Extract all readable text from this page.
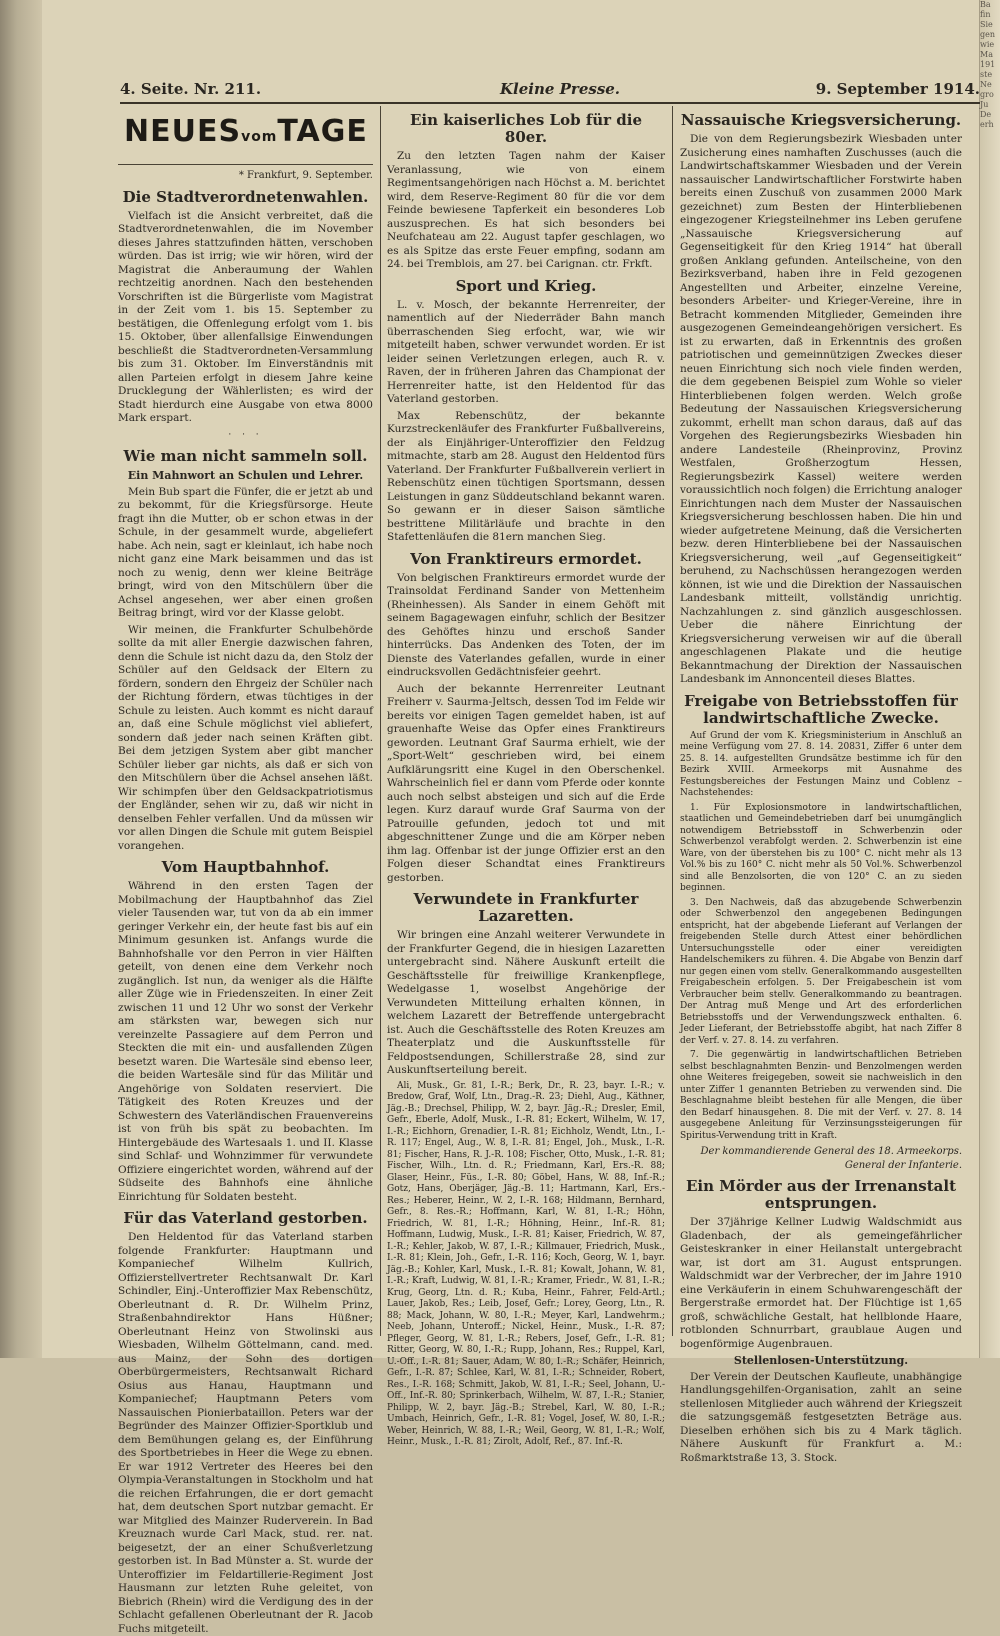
Ba fin Sie gen wie Ma 191 ste Ne gro Ju De erh
4. Seite. Nr. 211.	Kleine Presse.	9. September 1914.
NEUESvomTAGE
* Frankfurt, 9. September.
Die Stadtverordnetenwahlen.

Vielfach ist die Ansicht verbreitet, daß die Stadtverordnetenwahlen, die im November dieses Jahres stattzufinden hätten, verschoben würden. Das ist irrig; wie wir hören, wird der Magistrat die Anberaumung der Wahlen rechtzeitig anordnen. Nach den bestehenden Vorschriften ist die Bürgerliste vom Magistrat in der Zeit vom 1. bis 15. September zu bestätigen, die Offenlegung erfolgt vom 1. bis 15. Oktober, über allenfallsige Einwendungen beschließt die Stadtverordneten-Versammlung bis zum 31. Oktober. Im Einverständnis mit allen Parteien erfolgt in diesem Jahre keine Drucklegung der Wählerlisten; es wird der Stadt hierdurch eine Ausgabe von etwa 8000 Mark erspart.

· · ·
Wie man nicht sammeln soll.
Ein Mahnwort an Schulen und Lehrer.

Mein Bub spart die Fünfer, die er jetzt ab und zu bekommt, für die Kriegsfürsorge. Heute fragt ihn die Mutter, ob er schon etwas in der Schule, in der gesammelt wurde, abgeliefert habe. Ach nein, sagt er kleinlaut, ich habe noch nicht ganz eine Mark beisammen und das ist noch zu wenig, denn wer kleine Beiträge bringt, wird von den Mitschülern über die Achsel angesehen, wer aber einen großen Beitrag bringt, wird vor der Klasse gelobt.

Wir meinen, die Frankfurter Schulbehörde sollte da mit aller Energie dazwischen fahren, denn die Schule ist nicht dazu da, den Stolz der Schüler auf den Geldsack der Eltern zu fördern, sondern den Ehrgeiz der Schüler nach der Richtung fördern, etwas tüchtiges in der Schule zu leisten. Auch kommt es nicht darauf an, daß eine Schule möglichst viel abliefert, sondern daß jeder nach seinen Kräften gibt. Bei dem jetzigen System aber gibt mancher Schüler lieber gar nichts, als daß er sich von den Mitschülern über die Achsel ansehen läßt. Wir schimpfen über den Geldsackpatriotismus der Engländer, sehen wir zu, daß wir nicht in denselben Fehler verfallen. Und da müssen wir vor allen Dingen die Schule mit gutem Beispiel vorangehen.

Vom Hauptbahnhof.

Während in den ersten Tagen der Mobilmachung der Hauptbahnhof das Ziel vieler Tausenden war, tut von da ab ein immer geringer Verkehr ein, der heute fast bis auf ein Minimum gesunken ist. Anfangs wurde die Bahnhofshalle vor den Perron in vier Hälften geteilt, von denen eine dem Verkehr noch zugänglich. Ist nun, da weniger als die Hälfte aller Züge wie in Friedenszeiten. In einer Zeit zwischen 11 und 12 Uhr wo sonst der Verkehr am stärksten war, bewegen sich nur vereinzelte Passagiere auf dem Perron und Steckten die mit ein- und ausfallenden Zügen besetzt waren. Die Wartesäle sind ebenso leer, die beiden Wartesäle sind für das Militär und Angehörige von Soldaten reserviert. Die Tätigkeit des Roten Kreuzes und der Schwestern des Vaterländischen Frauenvereins ist von früh bis spät zu beobachten. Im Hintergebäude des Wartesaals 1. und II. Klasse sind Schlaf- und Wohnzimmer für verwundete Offiziere eingerichtet worden, während auf der Südseite des Bahnhofs eine ähnliche Einrichtung für Soldaten besteht.

Für das Vaterland gestorben.

Den Heldentod für das Vaterland starben folgende Frankfurter: Hauptmann und Kompaniechef Wilhelm Kullrich, Offizierstellvertreter Rechtsanwalt Dr. Karl Schindler, Einj.-Unteroffizier Max Rebenschütz, Oberleutnant d. R. Dr. Wilhelm Prinz, Straßenbahndirektor Hans Hüßner; Oberleutnant Heinz von Stwolinski aus Wiesbaden, Wilhelm Göttelmann, cand. med. aus Mainz, der Sohn des dortigen Oberbürgermeisters, Rechtsanwalt Richard Osius aus Hanau, Hauptmann und Kompaniechef; Hauptmann Peters vom Nassauischen Pionierbataillon. Peters war der Begründer des Mainzer Offizier-Sportklub und dem Bemühungen gelang es, der Einführung des Sportbetriebes in Heer die Wege zu ebnen. Er war 1912 Vertreter des Heeres bei den Olympia-Veranstaltungen in Stockholm und hat die reichen Erfahrungen, die er dort gemacht hat, dem deutschen Sport nutzbar gemacht. Er war Mitglied des Mainzer Ruderverein. In Bad Kreuznach wurde Carl Mack, stud. rer. nat. beigesetzt, der an einer Schußverletzung gestorben ist. In Bad Münster a. St. wurde der Unteroffizier im Feldartillerie-Regiment Jost Hausmann zur letzten Ruhe geleitet, von Biebrich (Rhein) wird die Verdigung des in der Schlacht gefallenen Oberleutnant der R. Jacob Fuchs mitgeteilt.

Ein kaiserliches Lob für die 80er.

Zu den letzten Tagen nahm der Kaiser Veranlassung, wie von einem Regimentsangehörigen nach Höchst a. M. berichtet wird, dem Reserve-Regiment 80 für die vor dem Feinde bewiesene Tapferkeit ein besonderes Lob auszusprechen. Es hat sich besonders bei Neufchateau am 22. August tapfer geschlagen, wo es als Spitze das erste Feuer empfing, sodann am 24. bei Tremblois, am 27. bei Carignan. ctr. Frkft.

Sport und Krieg.

L. v. Mosch, der bekannte Herrenreiter, der namentlich auf der Niederräder Bahn manch überraschenden Sieg erfocht, war, wie wir mitgeteilt haben, schwer verwundet worden. Er ist leider seinen Verletzungen erlegen, auch R. v. Raven, der in früheren Jahren das Championat der Herrenreiter hatte, ist den Heldentod für das Vaterland gestorben.

Max Rebenschütz, der bekannte Kurzstreckenläufer des Frankfurter Fußballvereins, der als Einjähriger-Unteroffizier den Feldzug mitmachte, starb am 28. August den Heldentod fürs Vaterland. Der Frankfurter Fußballverein verliert in Rebenschütz einen tüchtigen Sportsmann, dessen Leistungen in ganz Süddeutschland bekannt waren. So gewann er in dieser Saison sämtliche bestrittene Militärläufe und brachte in den Stafettenläufen die 81ern manchen Sieg.

Von Franktireurs ermordet.

Von belgischen Franktireurs ermordet wurde der Trainsoldat Ferdinand Sander von Mettenheim (Rheinhessen). Als Sander in einem Gehöft mit seinem Bagagewagen einfuhr, schlich der Besitzer des Gehöftes hinzu und erschoß Sander hinterrücks. Das Andenken des Toten, der im Dienste des Vaterlandes gefallen, wurde in einer eindrucksvollen Gedächtnisfeier geehrt.

Auch der bekannte Herrenreiter Leutnant Freiherr v. Saurma-Jeltsch, dessen Tod im Felde wir bereits vor einigen Tagen gemeldet haben, ist auf grauenhafte Weise das Opfer eines Franktireurs geworden. Leutnant Graf Saurma erhielt, wie der „Sport-Welt“ geschrieben wird, bei einem Aufklärungsritt eine Kugel in den Oberschenkel. Wahrscheinlich fiel er dann vom Pferde oder konnte auch noch selbst absteigen und sich auf die Erde legen. Kurz darauf wurde Graf Saurma von der Patrouille gefunden, jedoch tot und mit abgeschnittener Zunge und die am Körper neben ihm lag. Offenbar ist der junge Offizier erst an den Folgen dieser Schandtat eines Franktireurs gestorben.

Verwundete in Frankfurter Lazaretten.

Wir bringen eine Anzahl weiterer Verwundete in der Frankfurter Gegend, die in hiesigen Lazaretten untergebracht sind. Nähere Auskunft erteilt die Geschäftsstelle für freiwillige Krankenpflege, Wedelgasse 1, woselbst Angehörige der Verwundeten Mitteilung erhalten können, in welchem Lazarett der Betreffende untergebracht ist. Auch die Geschäftsstelle des Roten Kreuzes am Theaterplatz und die Auskunftsstelle für Feldpostsendungen, Schillerstraße 28, sind zur Auskunftserteilung bereit.

Ali, Musk., Gr. 81, I.-R.; Berk, Dr., R. 23, bayr. I.-R.; v. Bredow, Graf, Wolf, Ltn., Drag.-R. 23; Diehl, Aug., Käthner, Jäg.-B.; Drechsel, Philipp, W. 2, bayr. Jäg.-R.; Dresler, Emil, Gefr., Eberle, Adolf, Musk., I.-R. 81; Eckert, Wilhelm, W. 17, I.-R.; Eichhorn, Grenadier, I.-R. 81; Eichholz, Wendt, Ltn., I.-R. 117; Engel, Aug., W. 8, I.-R. 81; Engel, Joh., Musk., I.-R. 81; Fischer, Hans, R. J.-R. 108; Fischer, Otto, Musk., I.-R. 81; Fischer, Wilh., Ltn. d. R.; Friedmann, Karl, Ers.-R. 88; Glaser, Heinr., Füs., I.-R. 80; Göbel, Hans, W. 88, Inf.-R.; Gotz, Hans, Oberjäger, Jäg.-B. 11; Hartmann, Karl, Ers.-Res.; Heberer, Heinr., W. 2, I.-R. 168; Hildmann, Bernhard, Gefr., 8. Res.-R.; Hoffmann, Karl, W. 81, I.-R.; Höhn, Friedrich, W. 81, I.-R.; Höhning, Heinr., Inf.-R. 81; Hoffmann, Ludwig, Musk., I.-R. 81; Kaiser, Friedrich, W. 87, I.-R.; Kehler, Jakob, W. 87, I.-R.; Killmauer, Friedrich, Musk., I.-R. 81; Klein, Joh., Gefr., I.-R. 116; Koch, Georg, W. 1, bayr. Jäg.-B.; Kohler, Karl, Musk., I.-R. 81; Kowalt, Johann, W. 81, I.-R.; Kraft, Ludwig, W. 81, I.-R.; Kramer, Friedr., W. 81, I.-R.; Krug, Georg, Ltn. d. R.; Kuba, Heinr., Fahrer, Feld-Artl.; Lauer, Jakob, Res.; Leib, Josef, Gefr.; Lorey, Georg, Ltn., R. 88; Mack, Johann, W. 80, I.-R.; Meyer, Karl, Landwehrm.; Neeb, Johann, Unteroff.; Nickel, Heinr., Musk., I.-R. 87; Pfleger, Georg, W. 81, I.-R.; Rebers, Josef, Gefr., I.-R. 81; Ritter, Georg, W. 80, I.-R.; Rupp, Johann, Res.; Ruppel, Karl, U.-Off., I.-R. 81; Sauer, Adam, W. 80, I.-R.; Schäfer, Heinrich, Gefr., I.-R. 87; Schlee, Karl, W. 81, I.-R.; Schneider, Robert, Res., I.-R. 168; Schmitt, Jakob, W. 81, I.-R.; Seel, Johann, U.-Off., Inf.-R. 80; Sprinkerbach, Wilhelm, W. 87, I.-R.; Stanier, Philipp, W. 2, bayr. Jäg.-B.; Strebel, Karl, W. 80, I.-R.; Umbach, Heinrich, Gefr., I.-R. 81; Vogel, Josef, W. 80, I.-R.; Weber, Heinrich, W. 88, I.-R.; Weil, Georg, W. 81, I.-R.; Wolf, Heinr., Musk., I.-R. 81; Zirolt, Adolf, Ref., 87. Inf.-R.

Nassauische Kriegsversicherung.

Die von dem Regierungsbezirk Wiesbaden unter Zusicherung eines namhaften Zuschusses (auch die Landwirtschaftskammer Wiesbaden und der Verein nassauischer Landwirtschaftlicher Forstwirte haben bereits einen Zuschuß von zusammen 2000 Mark gezeichnet) zum Besten der Hinterbliebenen eingezogener Kriegsteilnehmer ins Leben gerufene „Nassauische Kriegsversicherung auf Gegenseitigkeit für den Krieg 1914“ hat überall großen Anklang gefunden. Anteilscheine, von den Bezirksverband, haben ihre in Feld gezogenen Angestellten und Arbeiter, einzelne Vereine, besonders Arbeiter- und Krieger-Vereine, ihre in Betracht kommenden Mitglieder, Gemeinden ihre ausgezogenen Gemeindeangehörigen versichert. Es ist zu erwarten, daß in Erkenntnis des großen patriotischen und gemeinnützigen Zweckes dieser neuen Einrichtung sich noch viele finden werden, die dem gegebenen Beispiel zum Wohle so vieler Hinterbliebenen folgen werden. Welch große Bedeutung der Nassauischen Kriegsversicherung zukommt, erhellt man schon daraus, daß auf das Vorgehen des Regierungsbezirks Wiesbaden hin andere Landesteile (Rheinprovinz, Provinz Westfalen, Großherzogtum Hessen, Regierungsbezirk Kassel) weitere werden voraussichtlich noch folgen) die Errichtung analoger Einrichtungen nach dem Muster der Nassauischen Kriegsversicherung beschlossen haben. Die hin und wieder aufgetretene Meinung, daß die Versicherten bezw. deren Hinterbliebene bei der Nassauischen Kriegsversicherung, weil „auf Gegenseitigkeit“ beruhend, zu Nachschüssen herangezogen werden können, ist wie und die Direktion der Nassauischen Landesbank mitteilt, vollständig unrichtig. Nachzahlungen z. sind gänzlich ausgeschlossen. Ueber die nähere Einrichtung der Kriegsversicherung verweisen wir auf die überall angeschlagenen Plakate und die heutige Bekanntmachung der Direktion der Nassauischen Landesbank im Annoncenteil dieses Blattes.

Freigabe von Betriebsstoffen für landwirtschaftliche Zwecke.

Auf Grund der vom K. Kriegsministerium in Anschluß an meine Verfügung vom 27. 8. 14. 20831, Ziffer 6 unter dem 25. 8. 14. aufgestellten Grundsätze bestimme ich für den Bezirk XVIII. Armeekorps mit Ausnahme des Festungsbereiches der Festungen Mainz und Coblenz – Nachstehendes:

1. Für Explosionsmotore in landwirtschaftlichen, staatlichen und Gemeindebetrieben darf bei unumgänglich notwendigem Betriebsstoff in Schwerbenzin oder Schwerbenzol verabfolgt werden. 2. Schwerbenzin ist eine Ware, von der überstehen bis zu 100° C. nicht mehr als 13 Vol.% bis zu 160° C. nicht mehr als 50 Vol.%. Schwerbenzol sind alle Benzolsorten, die von 120° C. an zu sieden beginnen.

3. Den Nachweis, daß das abzugebende Schwerbenzin oder Schwerbenzol den angegebenen Bedingungen entspricht, hat der abgebende Lieferant auf Verlangen der freigebenden Stelle durch Attest einer behördlichen Untersuchungsstelle oder einer vereidigten Handelschemikers zu führen. 4. Die Abgabe von Benzin darf nur gegen einen vom stellv. Generalkommando ausgestellten Freigabeschein erfolgen. 5. Der Freigabeschein ist vom Verbraucher beim stellv. Generalkommando zu beantragen. Der Antrag muß Menge und Art des erforderlichen Betriebsstoffs und der Verwendungszweck enthalten. 6. Jeder Lieferant, der Betriebsstoffe abgibt, hat nach Ziffer 8 der Verf. v. 27. 8. 14. zu verfahren.

7. Die gegenwärtig in landwirtschaftlichen Betrieben selbst beschlagnahmten Benzin- und Benzolmengen werden ohne Weiteres freigegeben, soweit sie nachweislich in den unter Ziffer 1 genannten Betrieben zu verwenden sind. Die Beschlagnahme bleibt bestehen für alle Mengen, die über den Bedarf hinausgehen. 8. Die mit der Verf. v. 27. 8. 14 ausgegebene Anleitung für Verzinsungssteigerungen für Spiritus-Verwendung tritt in Kraft.

Der kommandierende General des 18. Armeekorps.
General der Infanterie.
Ein Mörder aus der Irrenanstalt entsprungen.

Der 37jährige Kellner Ludwig Waldschmidt aus Gladenbach, der als gemeingefährlicher Geisteskranker in einer Heilanstalt untergebracht war, ist dort am 31. August entsprungen. Waldschmidt war der Verbrecher, der im Jahre 1910 eine Verkäuferin in einem Schuhwarengeschäft der Bergerstraße ermordet hat. Der Flüchtige ist 1,65 groß, schwächliche Gestalt, hat hellblonde Haare, rotblonden Schnurrbart, graublaue Augen und bogenförmige Augenbrauen.

Stellenlosen-Unterstützung.

Der Verein der Deutschen Kaufleute, unabhängige Handlungsgehilfen-Organisation, zahlt an seine stellenlosen Mitglieder auch während der Kriegszeit die satzungsgemäß festgesetzten Beträge aus. Dieselben erhöhen sich bis zu 4 Mark täglich. Nähere Auskunft für Frankfurt a. M.: Roßmarktstraße 13, 3. Stock.
